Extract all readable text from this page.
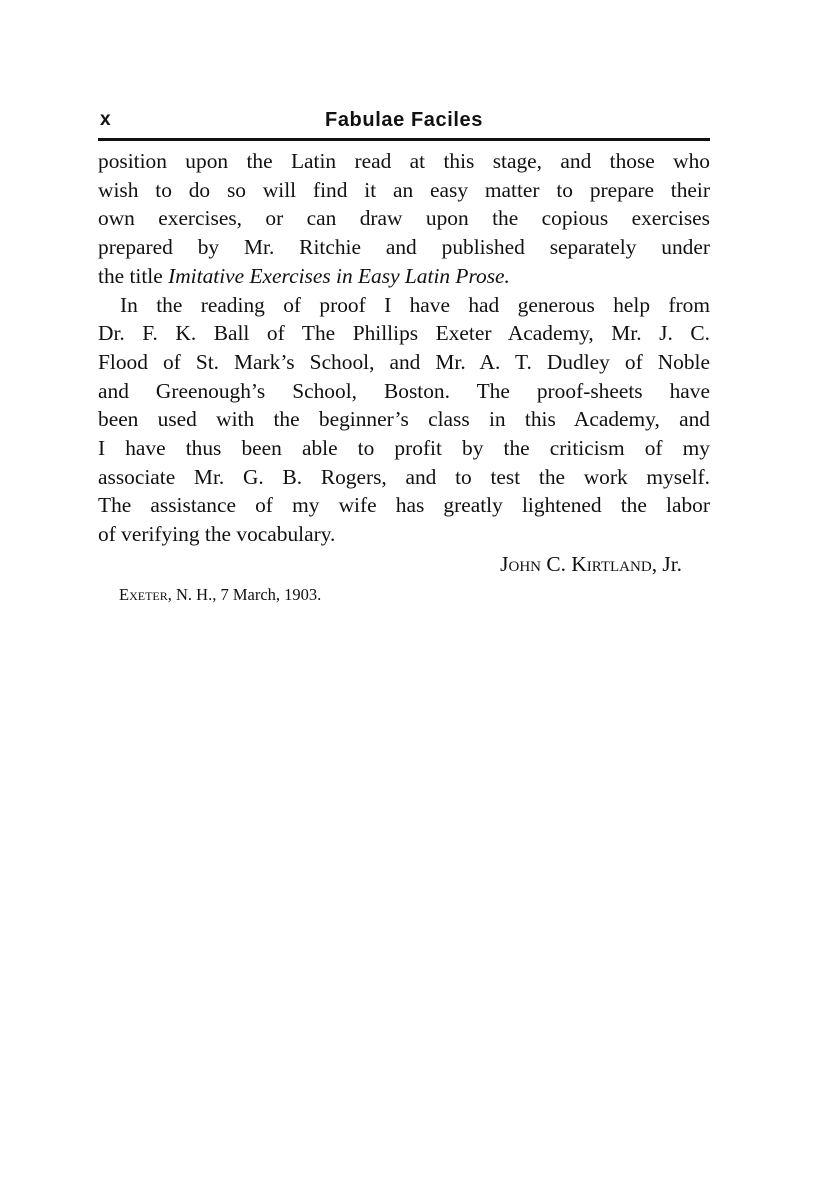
x	Fabulae Faciles

position upon the Latin read at this stage, and those who
wish to do so will find it an easy matter to prepare their
own exercises, or can draw upon the copious exercises
prepared by Mr. Ritchie and published separately under
the title Imitative Exercises in Easy Latin Prose.

In the reading of proof I have had generous help from
Dr. F. K. Ball of The Phillips Exeter Academy, Mr. J. C.
Flood of St. Mark’s School, and Mr. A. T. Dudley of Noble
and Greenough’s School, Boston. The proof-sheets have
been used with the beginner’s class in this Academy, and
I have thus been able to profit by the criticism of my
associate Mr. G. B. Rogers, and to test the work myself.
The assistance of my wife has greatly lightened the labor
of verifying the vocabulary.

John C. Kirtland, Jr.
Exeter, N. H., 7 March, 1903.
